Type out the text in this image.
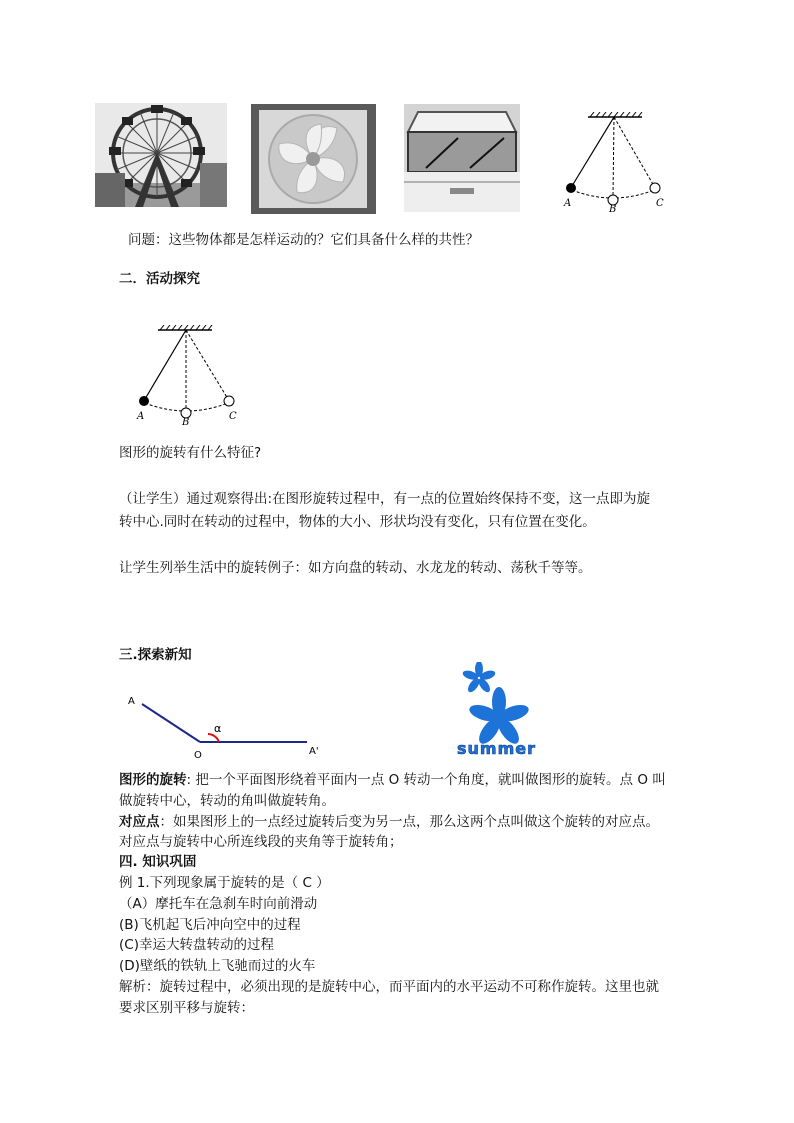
A
B
C
问题：这些物体都是怎样运动的？它们具备什么样的共性？
二．活动探究
A
B
C
图形的旋转有什么特征?
（让学生）通过观察得出:在图形旋转过程中，有一点的位置始终保持不变，这一点即为旋
转中心.同时在转动的过程中，物体的大小、形状均没有变化，只有位置在变化。
让学生列举生活中的旋转例子：如方向盘的转动、水龙龙的转动、荡秋千等等。
三.探索新知
A
O	A'
α
summer
图形的旋转: 把一个平面图形绕着平面内一点 O 转动一个角度，就叫做图形的旋转。点 O 叫
做旋转中心，转动的角叫做旋转角。
对应点：如果图形上的一点经过旋转后变为另一点，那么这两个点叫做这个旋转的对应点。
对应点与旋转中心所连线段的夹角等于旋转角；
四. 知识巩固
例 1.下列现象属于旋转的是（ C ）
（A）摩托车在急刹车时向前滑动
(B)飞机起飞后冲向空中的过程
(C)幸运大转盘转动的过程
(D)壁纸的铁轨上飞驰而过的火车
解析：旋转过程中，必须出现的是旋转中心，而平面内的水平运动不可称作旋转。这里也就
要求区别平移与旋转：
